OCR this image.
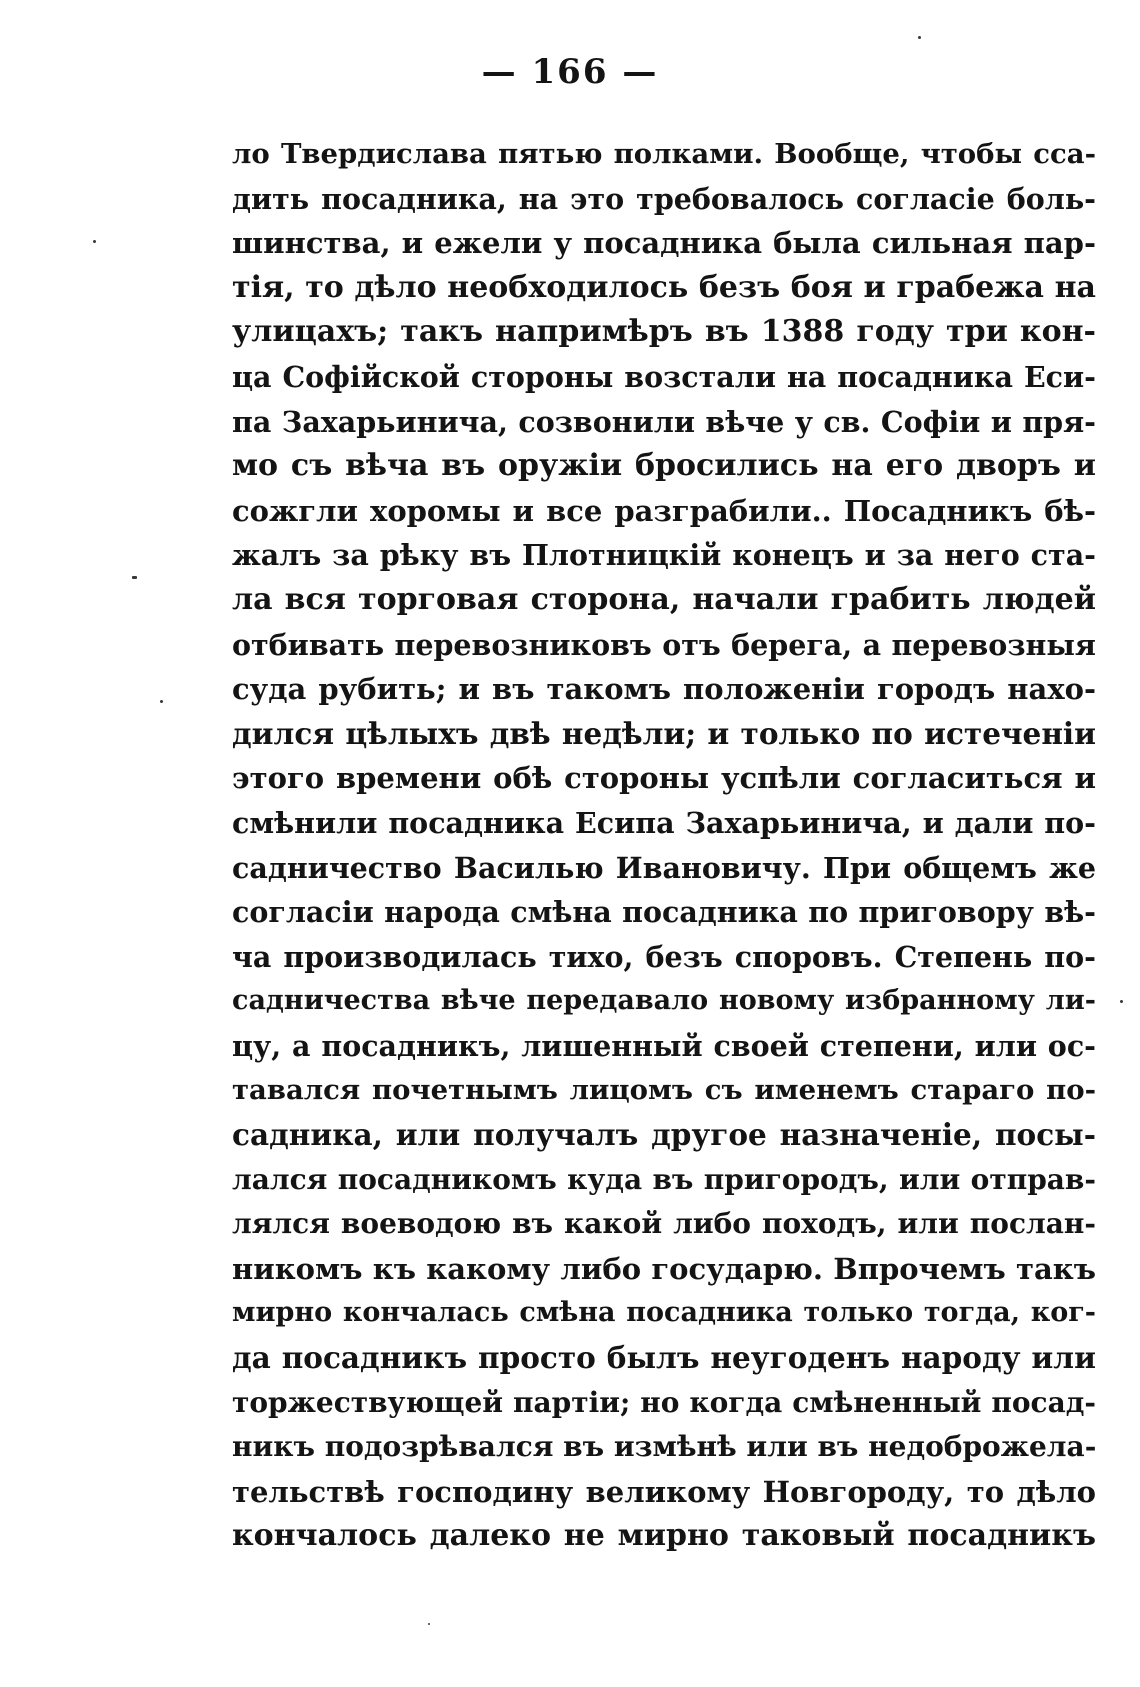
— 166 —
ло Твердислава пятью полками. Вообще, чтобы сса-
дить посадника, на это требовалось согласіе боль-
шинства, и ежели у посадника была сильная пар-
тія, то дѣло необходилось безъ боя и грабежа на
улицахъ; такъ напримѣръ въ 1388 году три кон-
ца Софійской стороны возстали на посадника Еси-
па Захарьинича, созвонили вѣче у св. Софіи и пря-
мо съ вѣча въ оружіи бросились на его дворъ и
сожгли хоромы и все разграбили.. Посадникъ бѣ-
жалъ за рѣку въ Плотницкій конецъ и за него ста-
ла вся торговая сторона, начали грабить людей
отбивать перевозниковъ отъ берега, а перевозныя
суда рубить; и въ такомъ положеніи городъ нахо-
дился цѣлыхъ двѣ недѣли; и только по истеченіи
этого времени обѣ стороны успѣли согласиться и
смѣнили посадника Есипа Захарьинича, и дали по-
садничество Василью Ивановичу. При общемъ же
согласіи народа смѣна посадника по приговору вѣ-
ча производилась тихо, безъ споровъ. Степень по-
садничества вѣче передавало новому избранному ли-
цу, а посадникъ, лишенный своей степени, или ос-
тавался почетнымъ лицомъ съ именемъ стараго по-
садника, или получалъ другое назначеніе, посы-
лался посадникомъ куда въ пригородъ, или отправ-
лялся воеводою въ какой либо походъ, или послан-
никомъ къ какому либо государю. Впрочемъ такъ
мирно кончалась смѣна посадника только тогда, ког-
да посадникъ просто былъ неугоденъ народу или
торжествующей партіи; но когда смѣненный посад-
никъ подозрѣвался въ измѣнѣ или въ недоброжела-
тельствѣ господину великому Новгороду, то дѣло
кончалось далеко не мирно таковый посадникъ
